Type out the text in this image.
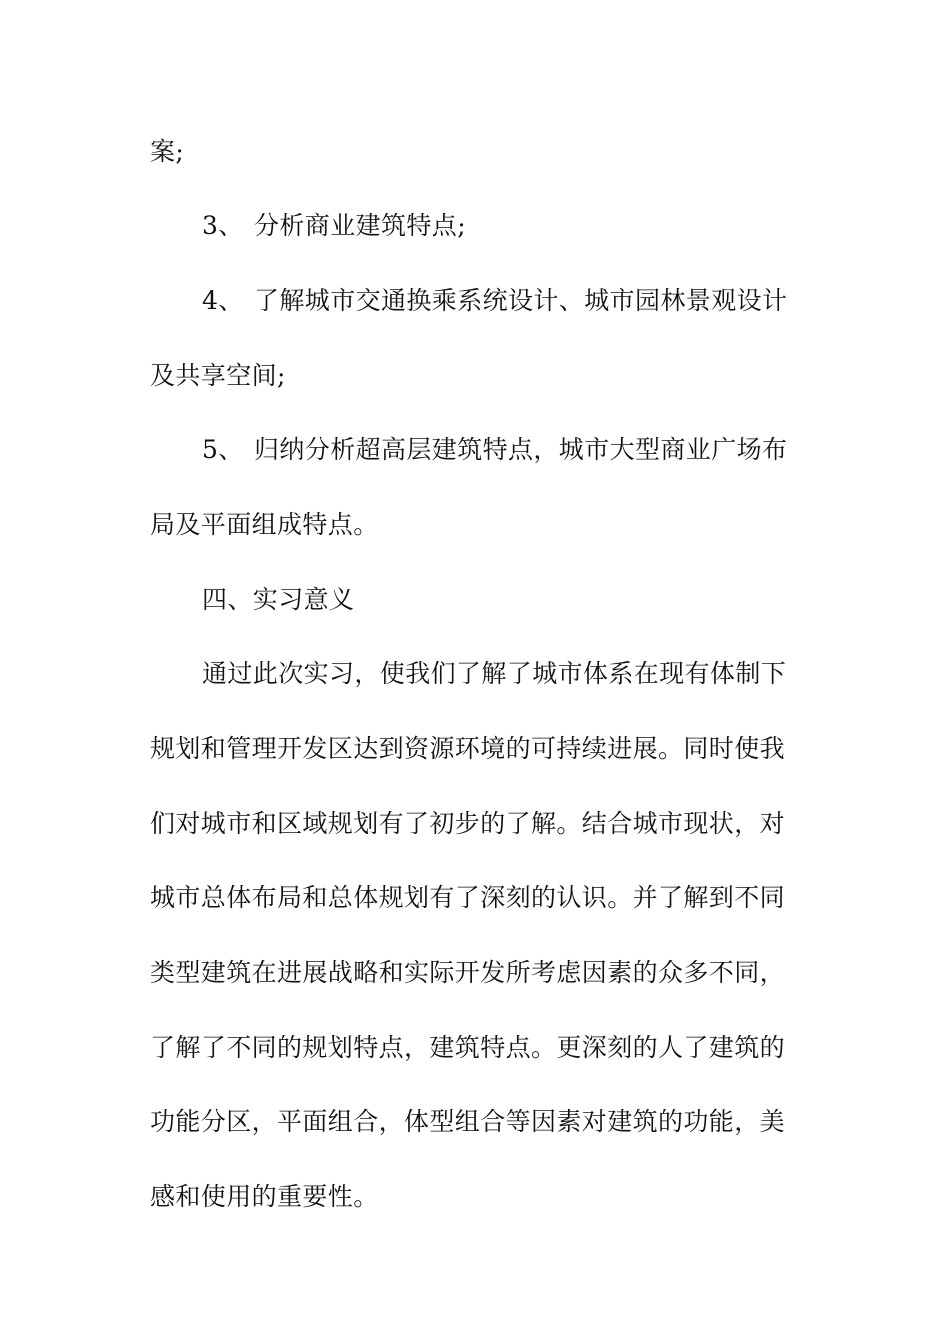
案;
3、 分析商业建筑特点;
4、 了解城市交通换乘系统设计、城市园林景观设计
及共享空间;
5、 归纳分析超高层建筑特点，城市大型商业广场布
局及平面组成特点。
四、实习意义
通过此次实习，使我们了解了城市体系在现有体制下
规划和管理开发区达到资源环境的可持续进展。同时使我
们对城市和区域规划有了初步的了解。结合城市现状，对
城市总体布局和总体规划有了深刻的认识。并了解到不同
类型建筑在进展战略和实际开发所考虑因素的众多不同，
了解了不同的规划特点，建筑特点。更深刻的人了建筑的
功能分区，平面组合，体型组合等因素对建筑的功能，美
感和使用的重要性。
